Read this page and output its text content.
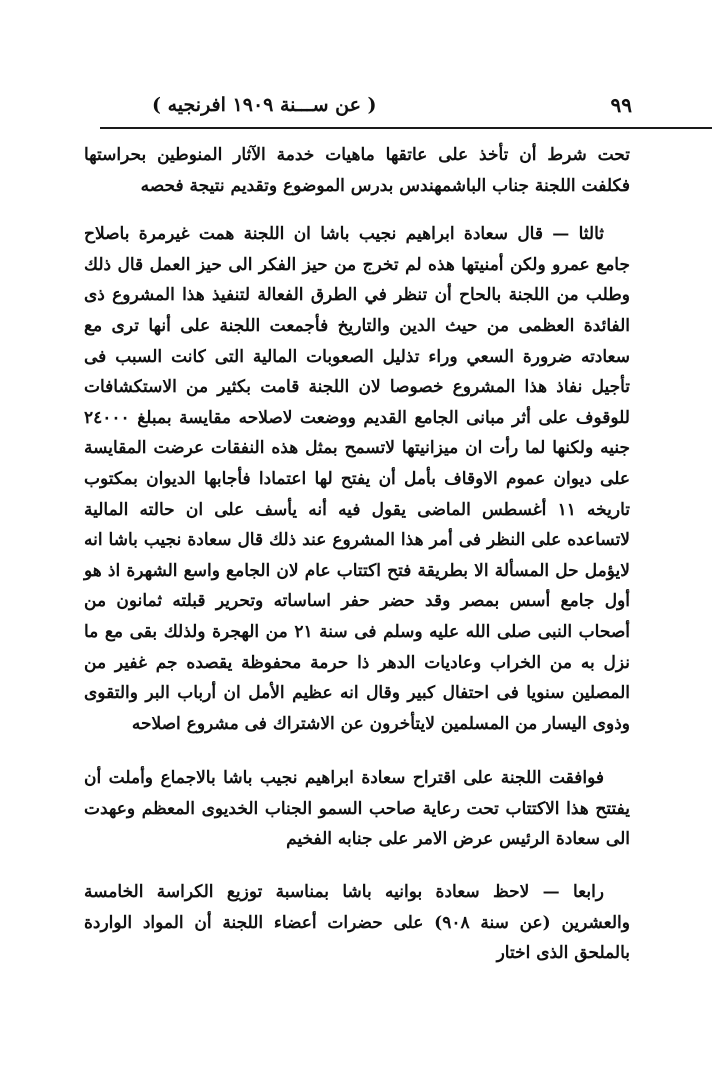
٩٩
( عن ســـنة ١٩٠٩ افرنجيه )

تحت شرط أن تأخذ على عاتقها ماهيات خدمة الآثار المنوطين بحراستها فكلفت اللجنة جناب الباشمهندس بدرس الموضوع وتقديم نتيجة فحصه

ثالثا — قال سعادة ابراهيم نجيب باشا ان اللجنة همت غيرمرة باصلاح جامع عمرو ولكن أمنيتها هذه لم تخرج من حيز الفكر الى حيز العمل قال ذلك وطلب من اللجنة بالحاح أن تنظر في الطرق الفعالة لتنفيذ هذا المشروع ذى الفائدة العظمى من حيث الدين والتاريخ فأجمعت اللجنة على أنها ترى مع سعادته ضرورة السعي وراء تذليل الصعوبات المالية التى كانت السبب فى تأجيل نفاذ هذا المشروع خصوصا لان اللجنة قامت بكثير من الاستكشافات للوقوف على أثر مبانى الجامع القديم ووضعت لاصلاحه مقايسة بمبلغ ٢٤٠٠٠ جنيه ولكنها لما رأت ان ميزانيتها لاتسمح بمثل هذه النفقات عرضت المقايسة على ديوان عموم الاوقاف بأمل أن يفتح لها اعتمادا فأجابها الديوان بمكتوب تاريخه ١١ أغسطس الماضى يقول فيه أنه يأسف على ان حالته المالية لاتساعده على النظر فى أمر هذا المشروع عند ذلك قال سعادة نجيب باشا انه لايؤمل حل المسألة الا بطريقة فتح اكتتاب عام لان الجامع واسع الشهرة اذ هو أول جامع أسس بمصر وقد حضر حفر اساساته وتحرير قبلته ثمانون من أصحاب النبى صلى الله عليه وسلم فى سنة ٢١ من الهجرة ولذلك بقى مع ما نزل به من الخراب وعاديات الدهر ذا حرمة محفوظة يقصده جم غفير من المصلين سنويا فى احتفال كبير وقال انه عظيم الأمل ان أرباب البر والتقوى وذوى اليسار من المسلمين لايتأخرون عن الاشتراك فى مشروع اصلاحه

فوافقت اللجنة على اقتراح سعادة ابراهيم نجيب باشا بالاجماع وأملت أن يفتتح هذا الاكتتاب تحت رعاية صاحب السمو الجناب الخديوى المعظم وعهدت الى سعادة الرئيس عرض الامر على جنابه الفخيم

رابعا — لاحظ سعادة بوانيه باشا بمناسبة توزيع الكراسة الخامسة والعشرين (عن سنة ٩٠٨) على حضرات أعضاء اللجنة أن المواد الواردة بالملحق الذى اختار
